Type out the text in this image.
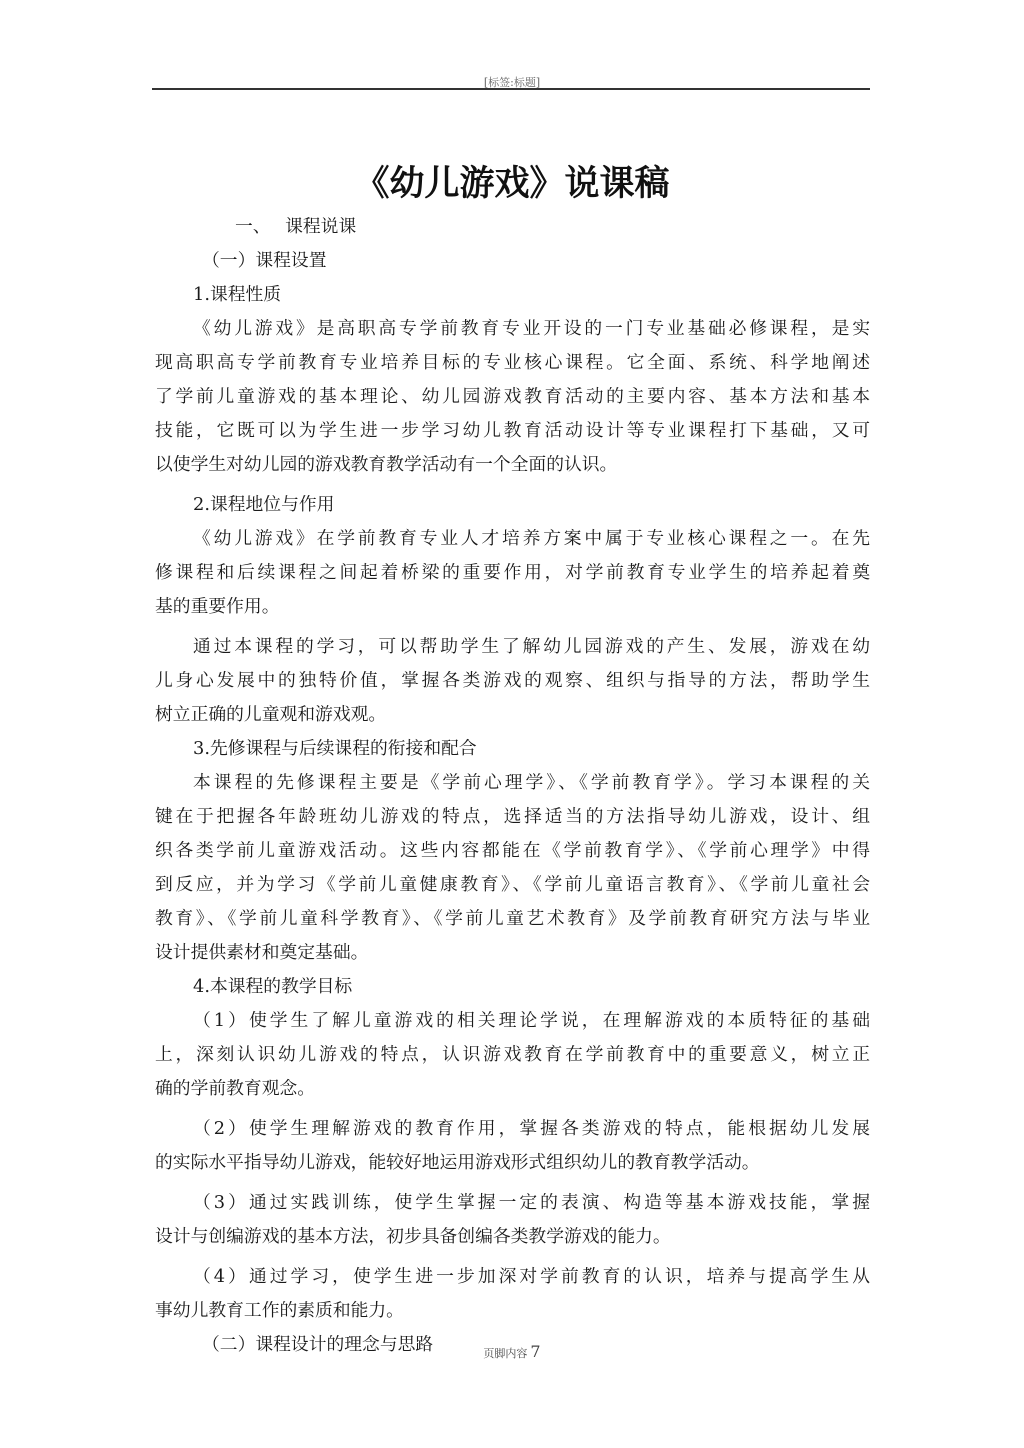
[标签:标题]
《幼儿游戏》说课稿
一、　 课程说课
（一）课程设置
1.课程性质
《幼儿游戏》是高职高专学前教育专业开设的一门专业基础必修课程，是实
现高职高专学前教育专业培养目标的专业核心课程。它全面、系统、科学地阐述
了学前儿童游戏的基本理论、幼儿园游戏教育活动的主要内容、基本方法和基本
技能，它既可以为学生进一步学习幼儿教育活动设计等专业课程打下基础，又可
以使学生对幼儿园的游戏教育教学活动有一个全面的认识。
2.课程地位与作用
《幼儿游戏》在学前教育专业人才培养方案中属于专业核心课程之一。在先
修课程和后续课程之间起着桥梁的重要作用，对学前教育专业学生的培养起着奠
基的重要作用。
通过本课程的学习，可以帮助学生了解幼儿园游戏的产生、发展，游戏在幼
儿身心发展中的独特价值，掌握各类游戏的观察、组织与指导的方法，帮助学生
树立正确的儿童观和游戏观。
3.先修课程与后续课程的衔接和配合
本课程的先修课程主要是《学前心理学》、《学前教育学》。学习本课程的关
键在于把握各年龄班幼儿游戏的特点，选择适当的方法指导幼儿游戏，设计、组
织各类学前儿童游戏活动。这些内容都能在《学前教育学》、《学前心理学》中得
到反应，并为学习《学前儿童健康教育》、《学前儿童语言教育》、《学前儿童社会
教育》、《学前儿童科学教育》、《学前儿童艺术教育》及学前教育研究方法与毕业
设计提供素材和奠定基础。
4.本课程的教学目标
（1）使学生了解儿童游戏的相关理论学说，在理解游戏的本质特征的基础
上，深刻认识幼儿游戏的特点，认识游戏教育在学前教育中的重要意义，树立正
确的学前教育观念。
（2）使学生理解游戏的教育作用，掌握各类游戏的特点，能根据幼儿发展
的实际水平指导幼儿游戏，能较好地运用游戏形式组织幼儿的教育教学活动。
（3）通过实践训练，使学生掌握一定的表演、构造等基本游戏技能，掌握
设计与创编游戏的基本方法，初步具备创编各类教学游戏的能力。
（4）通过学习，使学生进一步加深对学前教育的认识，培养与提高学生从
事幼儿教育工作的素质和能力。
（二）课程设计的理念与思路	页脚内容 7
